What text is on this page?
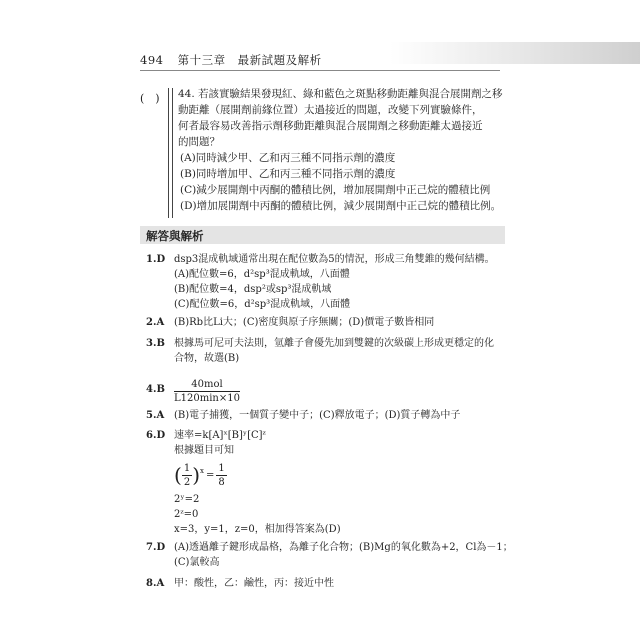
494 第十三章　最新試題及解析
(　) 44. 若該實驗結果發現紅、綠和藍色之斑點移動距離與混合展開劑之移
動距離（展開劑前緣位置）太過接近的問題，改變下列實驗條件，
何者最容易改善指示劑移動距離與混合展開劑之移動距離太過接近
的問題？
(A)同時減少甲、乙和丙三種不同指示劑的濃度
(B)同時增加甲、乙和丙三種不同指示劑的濃度
(C)減少展開劑中丙酮的體積比例，增加展開劑中正己烷的體積比例
(D)增加展開劑中丙酮的體積比例，減少展開劑中正己烷的體積比例。
解答與解析
1.D dsp3混成軌域通常出現在配位數為5的情況，形成三角雙錐的幾何結構。
(A)配位數=6，d²sp³混成軌域，八面體
(B)配位數=4，dsp²或sp³混成軌域
(C)配位數=6，d²sp³混成軌域，八面體
2.A (B)Rb比Li大；(C)密度與原子序無關；(D)價電子數皆相同
3.B 根據馬可尼可夫法則，氫離子會優先加到雙鍵的次級碳上形成更穩定的化
合物，故選(B)
$4.B \frac{\text{40mol}}{L120\min\times 10}$
5.A (B)電子捕獲，一個質子變中子；(C)釋放電子；(D)質子轉為中子
6.D 速率=k[A]ˣ[B]ʸ[C]ᶻ
根據題目可知
( $\frac{1}{2} )^x = \frac{1}{8}$
2ʸ=2
2ᶻ=0
x=3，y=1，z=0，相加得答案為(D)
7.D (A)透過離子鍵形成晶格，為離子化合物；(B)Mg的氧化數為+2，Cl為－1；
(C)氯較高
8.A 甲：酸性，乙：鹼性，丙：接近中性
